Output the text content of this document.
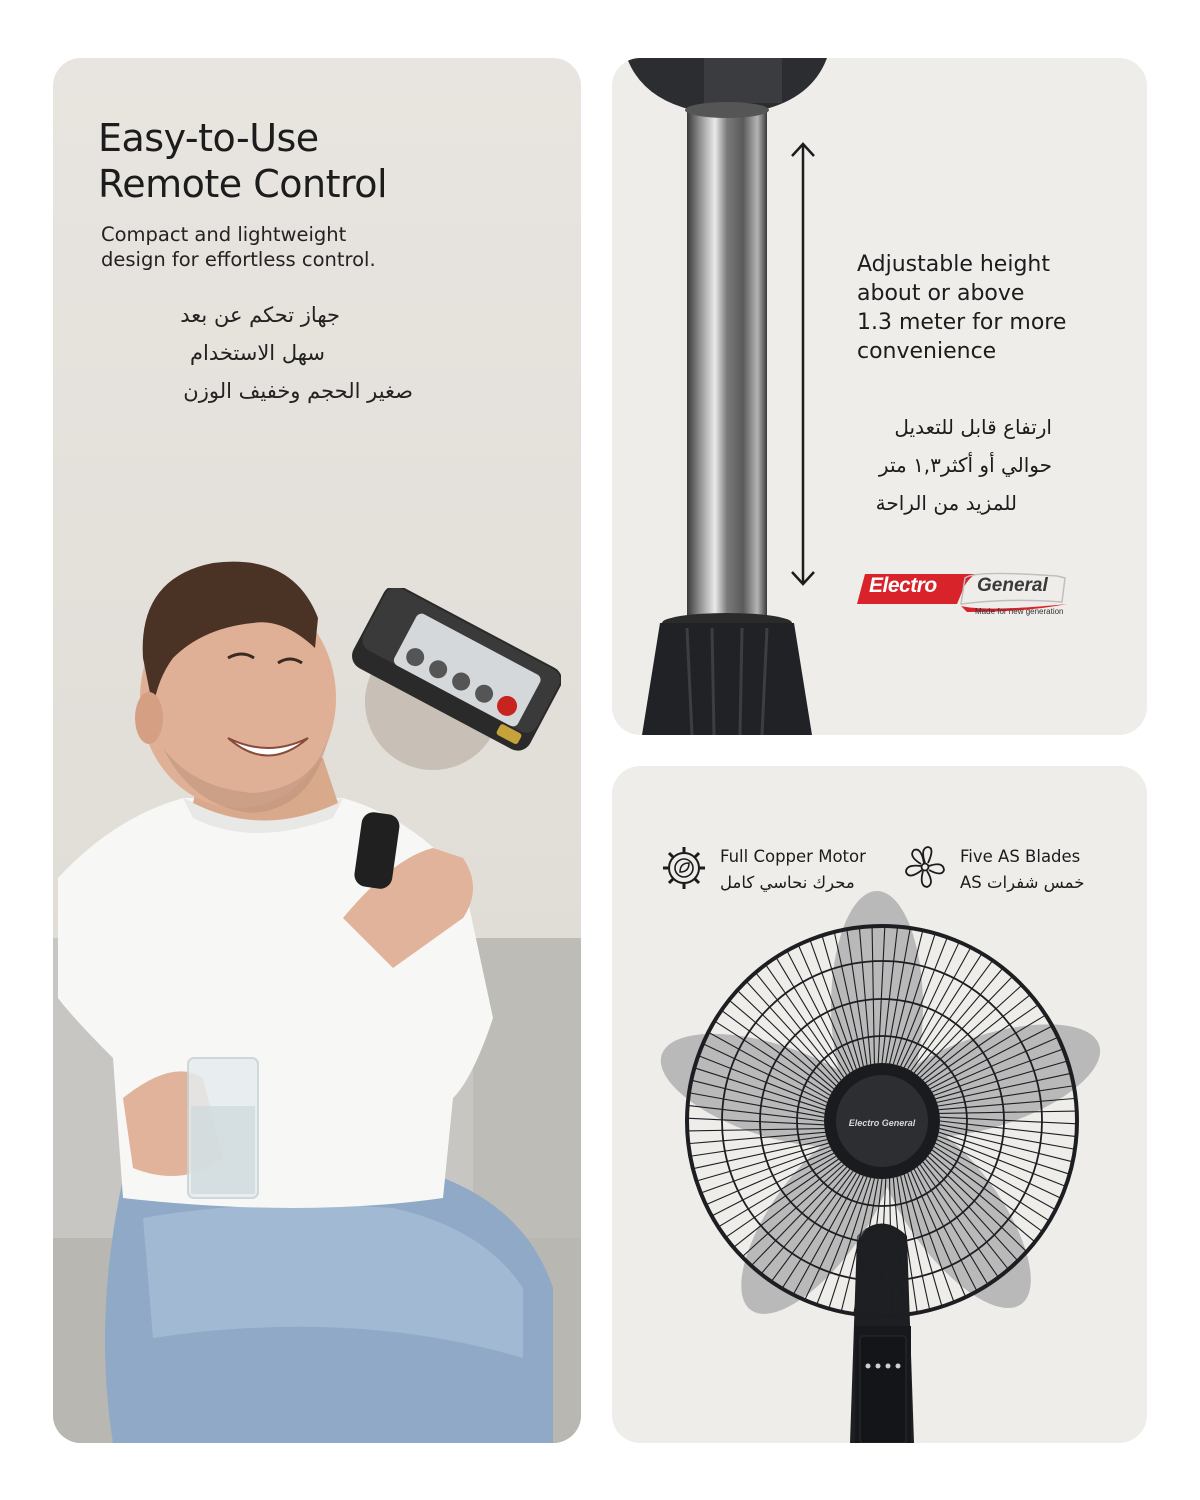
Easy-to-Use
Remote Control
Compact and lightweight
design for effortless control.
جهاز تحكم عن بعد
سهل الاستخدام
صغير الحجم وخفيف الوزن
Adjustable height
about or above
1.3 meter for more
convenience
ارتفاع قابل للتعديل
حوالي أو أكثر١,٣ متر
للمزيد من الراحة
Electro General
Made for new generation
Full Copper Motor
محرك نحاسي كامل
Five AS Blades
خمس شفرات AS
Electro General
